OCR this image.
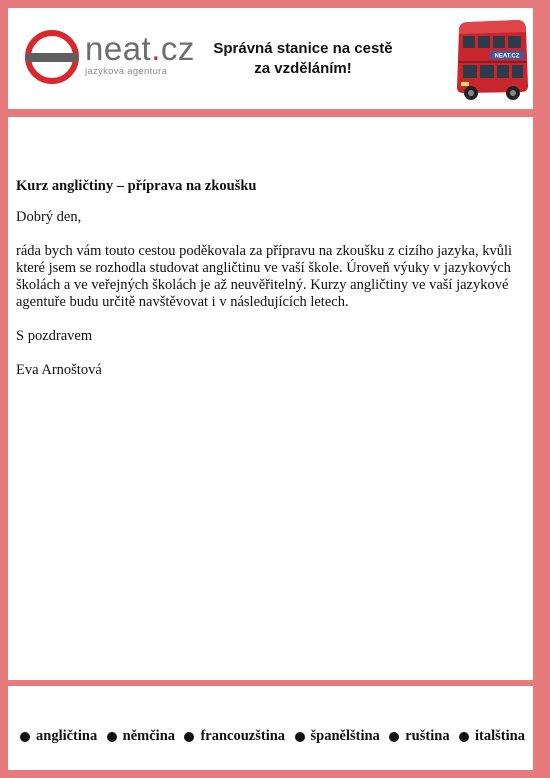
neat.cz
jazyková agentura
Správná stanice na cestě
za vzděláním!
NEAT.CZ

Kurz angličtiny – příprava na zkoušku

Dobrý den,

ráda bych vám touto cestou poděkovala za přípravu na zkoušku z cizího jazyka, kvůli které jsem se rozhodla studovat angličtinu ve vaší škole. Úroveň výuky v jazykových školách a ve veřejných školách je až neuvěřitelný. Kurzy angličtiny ve vaší jazykové agentuře budu určitě navštěvovat i v následujících letech.

S pozdravem

Eva Arnoštová

angličtina němčina francouzština španělština ruština italština
